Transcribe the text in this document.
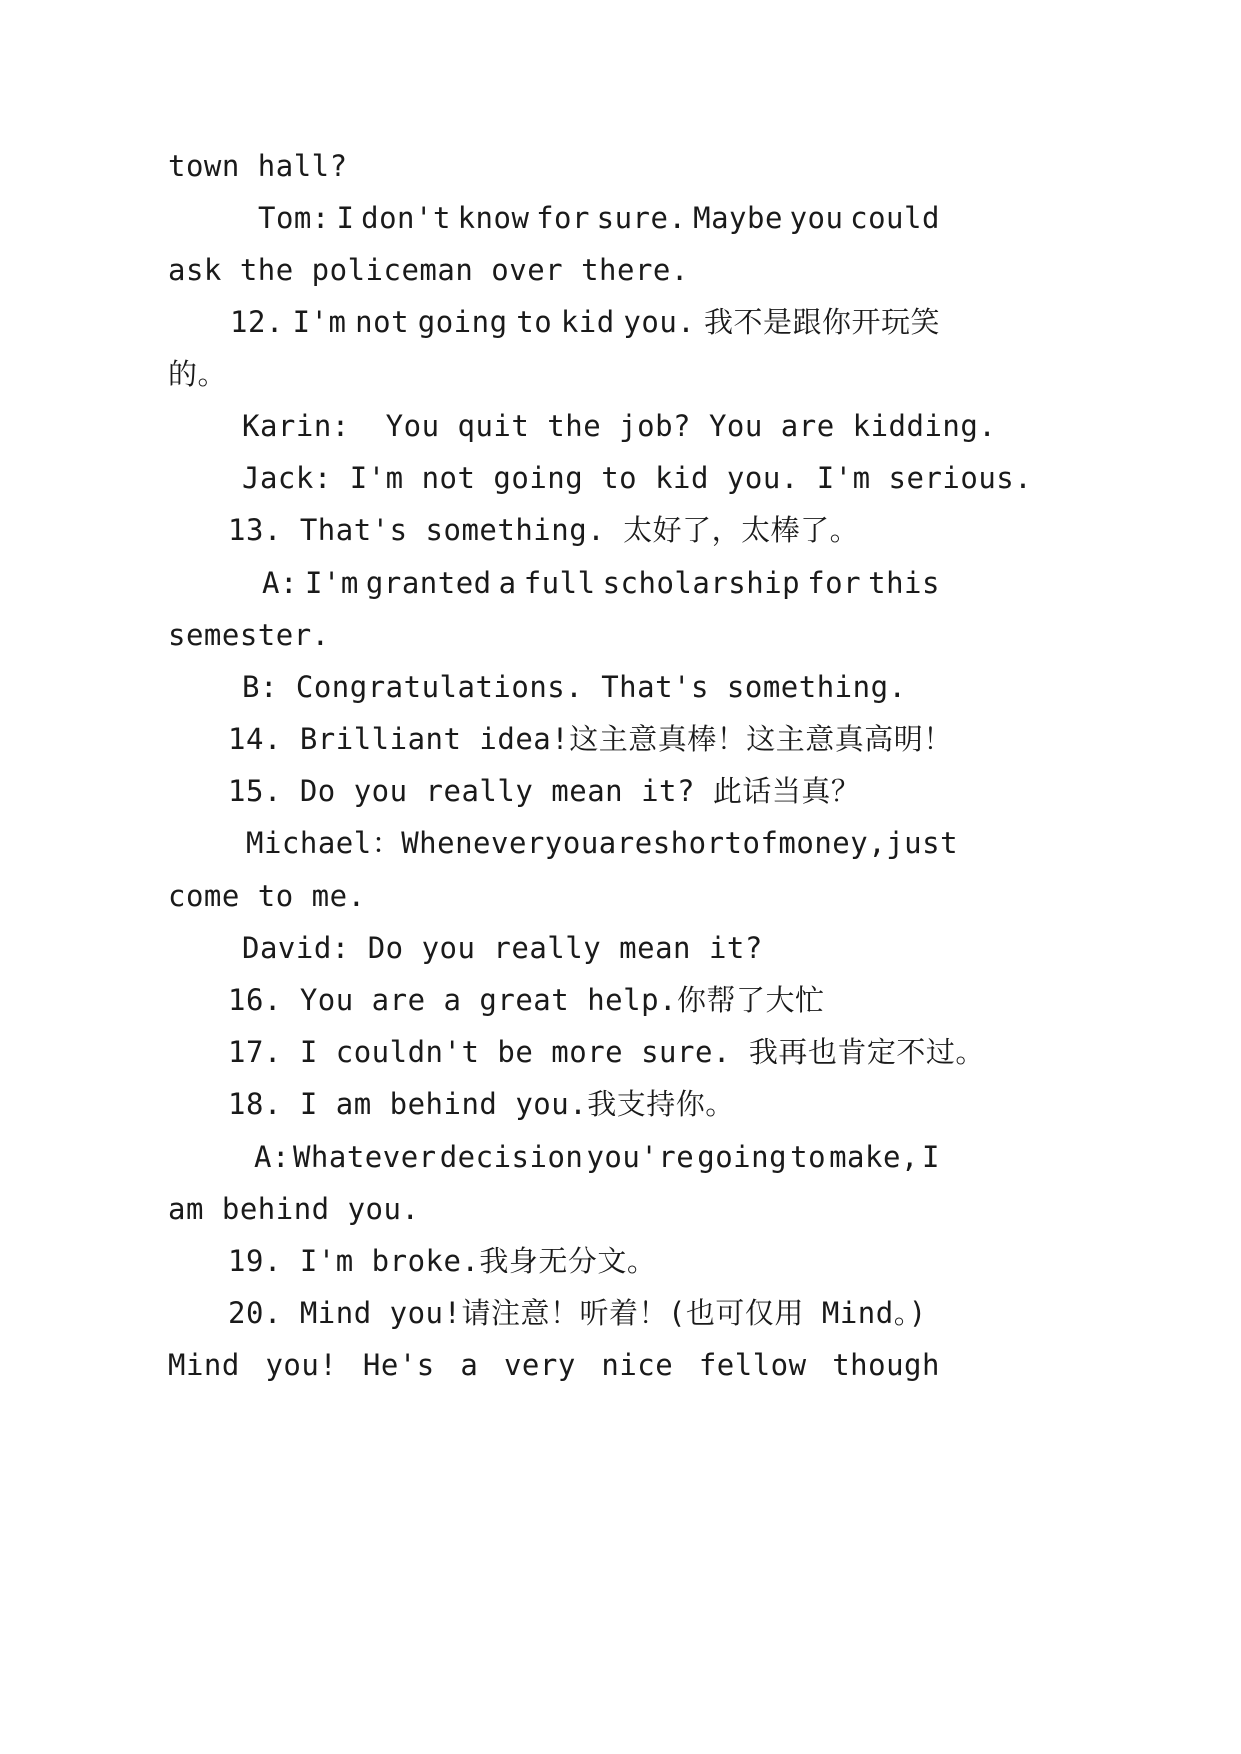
town hall?
Tom: I don't know for sure. Maybe you could
ask the policeman over there.
12. I'm not going to kid you. 我不是跟你开玩笑
的。
Karin:  You quit the job? You are kidding.
Jack: I'm not going to kid you. I'm serious.
13. That's something. 太好了，太棒了。
A: I'm granted a full scholarship for this
semester.
B: Congratulations. That's something.
14. Brilliant idea!这主意真棒！这主意真高明！
15. Do you really mean it? 此话当真？
Michael：Whenever you are short of money, just
come to me.
David: Do you really mean it?
16. You are a great help.你帮了大忙
17. I couldn't be more sure. 我再也肯定不过。
18. I am behind you.我支持你。
A: Whatever decision you're going to make, I
am behind you.
19. I'm broke.我身无分文。
20. Mind you!请注意！听着！(也可仅用 Mind。)
Mind you! He's a very nice fellow though
